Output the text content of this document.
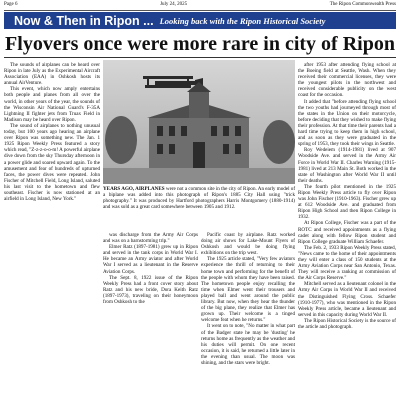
Page 6	July 24, 2025	The Ripon Commonwealth Press
Now & Then in Ripon ... Looking back with the Ripon Historical Society
Flyovers once were more rare in city of Ripon

The sounds of airplanes can be heard over Ripon in late July as the Experimental Aircraft Association (EAA) in Oshkosh hosts its annual AirVenture.

This event, which now amply entertains both people and planes from all over the world, in other years of the year, the sounds of the Wisconsin Air National Guard's F-35A Lightning II fighter jets from Truax Field in Madison may be heard over Ripon.

The sound of airplanes to nothing unusual today, but 100 years ago hearing an airplane over Ripon was something new. The Jan. 1 1925 Ripon Weekly Press featured a story which read, "Z-z-z-o-o-m! A powerful airplane dive down from the sky Thursday afternoon in a power glide and soared upward again. To the amusement and fear of hundreds of upturned faces, the power dives were repeated. John Fischer of Mitchell Field, Long Island, saluted his last visit to the hometown and flew southeast. Fischer is now stationed at an airfield in Long Island, New York."

YEARS AGO, AIRPLANES were not a common site in the city of Ripon. An early model of a biplane was added into this photograph of Ripon's 1885 City Hall using "trick photography." It was produced by Hartford photographers Harris Montgomery (1880-1914) and was sold as a great card somewhere between 1905 and 1912.

was discharge from the Army Air Corps and was on a barnstorming trip."

Elmer Ratz (1897-1981) grew up in Ripon and served in the tank corps in World War I. He became an Army aviator and after World War I served as a lieutenant in the Reserve Aviation Corps.

The Sept. 8, 1922 issue of the Ripon Weekly Press had a front cover story about Ratz and his new bride, Dora Keith Ratz (1897-1973), traveling on their honeymoon from Oshkosh to the

Pacific coast by airplane. Ratz worked doing air shows for Lake-Mount Flyers of Oshkosh and would be doing flying exhibitions on the trip west.

The 1925 article stated, "Very few aviators experience the thrill of returning to their home town and performing for the benefit of the people with whom they have been raised. The hometown people enjoy recalling the time when Elmer went their trousers and played ball and went around the public library. But now, when they hear the thunder of the big plane, they realize that Elmer has grown up. Their welcome is a tinged welcome feat when he returns."

It went on to note, "No matter in what part of the Badger state he may be 'dusting' he returns home as frequently as the weather and his duties will permit. On one recent occasion, it is said, he returned a little later in the evening than usual. The moon was shining, and the stars were bright.

after 1953 after attending flying school at the Boeing field at Seattle, Wash. When they received their commercial licenses, they were the youngest pilots in the northwest and received considerable publicity on the west coast for the occasion.

It added that "before attending flying school the two youths had journeyed through most of the states in the Union on their motorcycle, before deciding that they wished to make flying their profession. At that time their parents had a hard time trying to keep them in high school, and as soon as they were graduated in the spring of 1953, they took their wings in Seattle.

Roy Wedeiem (1914-1981) lived at 907 Woodside Ave. and served in the Army Air Force in World War II. Charles Warning (1915-1981) lived at 213 Main St. Both worked in the state of Washington after World War II until their deaths.

The fourth pilot mentioned in the 1925 Ripon Weekly Press article to fly over Ripon was John Fischer (1910-1963). Fischer grew up at 612 Woodside Ave. and graduated from Ripon High School and then Ripon College in 1932.

At Ripon College, Fischer was a part of the ROTC and received appointments as a flying cadet along with fellow Ripon student and Ripon College graduate William Schaefer.

The Feb. 2, 1933 Ripon Weekly Press stated, "News came to the home of their appointments they will enter a class of 150 students at the Army Aviation Corps near San Antonio, Texas. They will receive a ranking at commission of the Air Corps Reserve."

Mitchell served as a lieutenant colonel in the Army Air Corps in World War II and received the Distinguished Flying Cross. Schaefer (1910-1977), who was mentioned in the Ripon Weekly Press article, became a lieutenant and served in this capacity during World War II.

The Ripon Historical Society is the source of the article and photograph.
